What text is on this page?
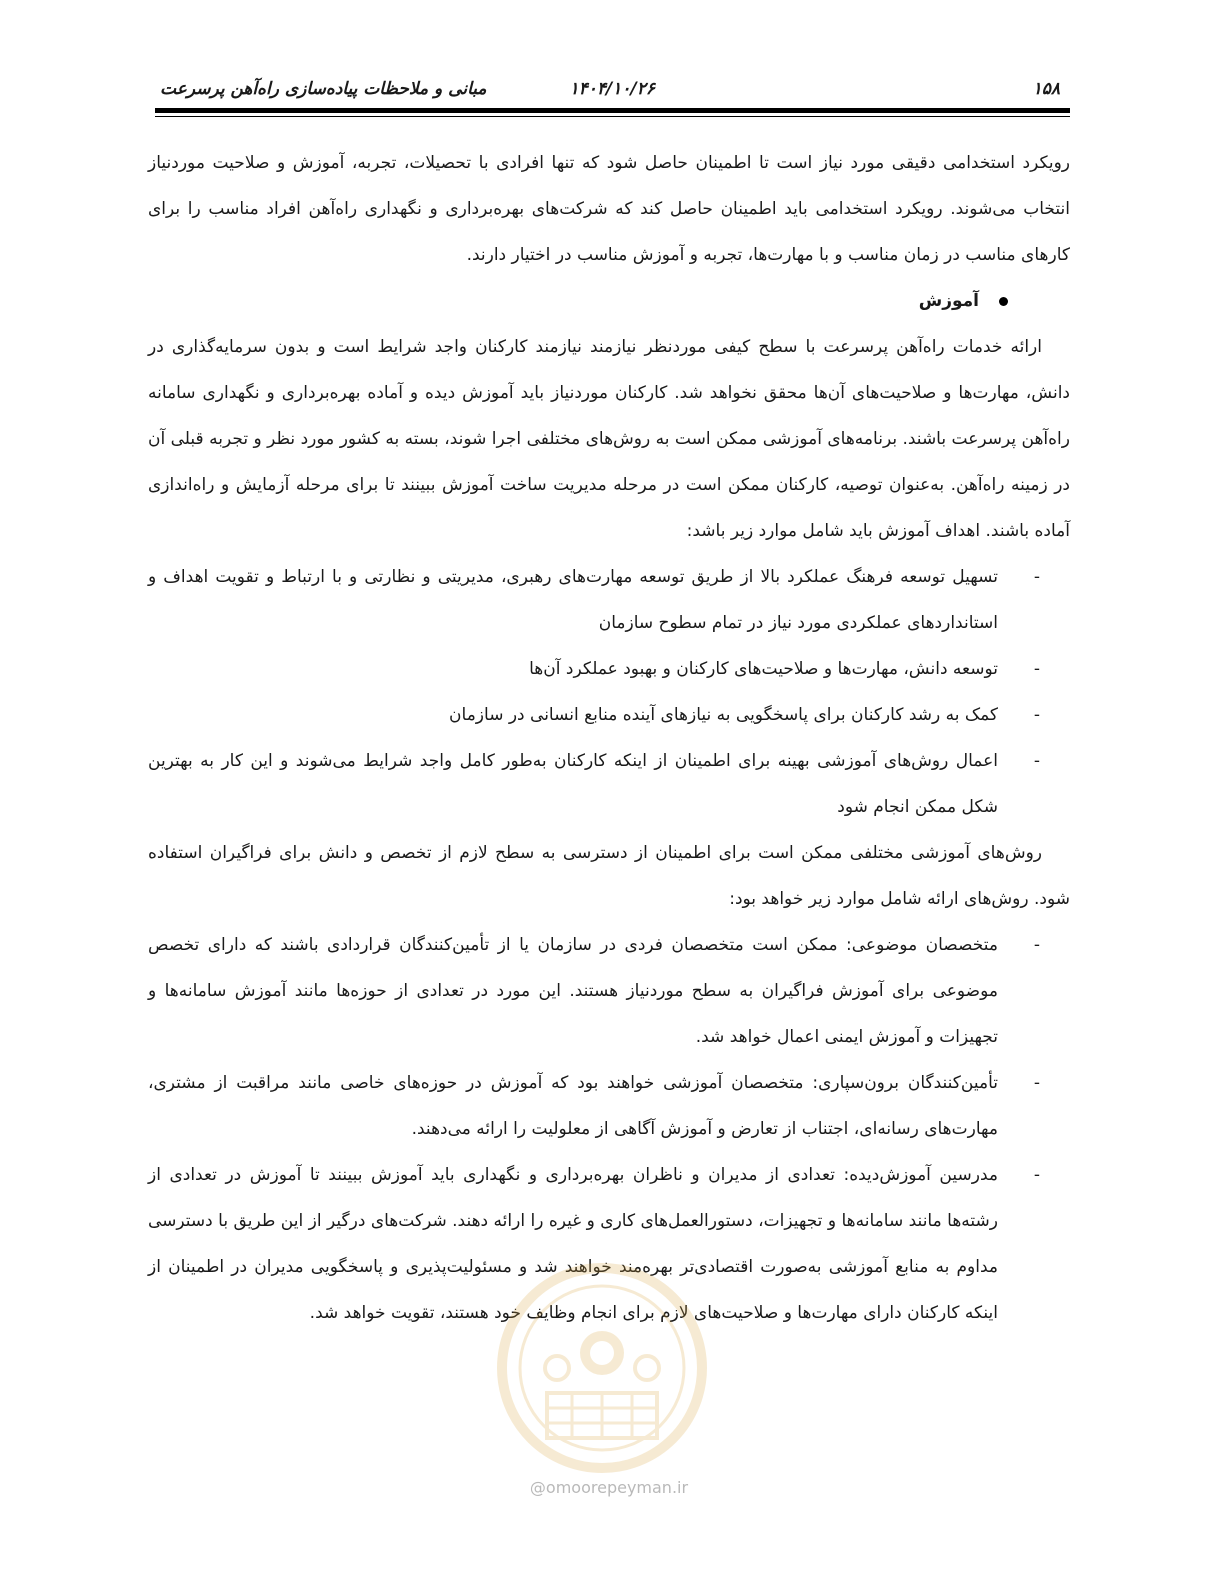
۱۵۸
۱۴۰۴/۱۰/۲۶
مبانی و ملاحظات پیاده‌سازی راه‌آهن پرسرعت

رویکرد استخدامی دقیقی مورد نیاز است تا اطمینان حاصل شود که تنها افرادی با تحصیلات، تجربه، آموزش و صلاحیت موردنیاز انتخاب می‌شوند. رویکرد استخدامی باید اطمینان حاصل کند که شرکت‌های بهره‌برداری و نگهداری راه‌آهن افراد مناسب را برای کارهای مناسب در زمان مناسب و با مهارت‌ها، تجربه و آموزش مناسب در اختیار دارند.

آموزش

ارائه خدمات راه‌آهن پرسرعت با سطح کیفی موردنظر نیازمند نیازمند کارکنان واجد شرایط است و بدون سرمایه‌گذاری در دانش، مهارت‌ها و صلاحیت‌های آن‌ها محقق نخواهد شد. کارکنان موردنیاز باید آموزش دیده و آماده بهره‌برداری و نگهداری سامانه راه‌آهن پرسرعت باشند. برنامه‌های آموزشی ممکن است به روش‌های مختلفی اجرا شوند، بسته به کشور مورد نظر و تجربه قبلی آن در زمینه راه‌آهن. به‌عنوان توصیه، کارکنان ممکن است در مرحله مدیریت ساخت آموزش ببینند تا برای مرحله آزمایش و راه‌اندازی آماده باشند. اهداف آموزش باید شامل موارد زیر باشد:

-
تسهیل توسعه فرهنگ عملکرد بالا از طریق توسعه مهارت‌های رهبری، مدیریتی و نظارتی و با ارتباط و تقویت اهداف و استانداردهای عملکردی مورد نیاز در تمام سطوح سازمان
-
توسعه دانش، مهارت‌ها و صلاحیت‌های کارکنان و بهبود عملکرد آن‌ها
-
کمک به رشد کارکنان برای پاسخگویی به نیازهای آینده منابع انسانی در سازمان
-
اعمال روش‌های آموزشی بهینه برای اطمینان از اینکه کارکنان به‌طور کامل واجد شرایط می‌شوند و این کار به بهترین شکل ممکن انجام شود

روش‌های آموزشی مختلفی ممکن است برای اطمینان از دسترسی به سطح لازم از تخصص و دانش برای فراگیران استفاده شود. روش‌های ارائه شامل موارد زیر خواهد بود:

-
متخصصان موضوعی: ممکن است متخصصان فردی در سازمان یا از تأمین‌کنندگان قراردادی باشند که دارای تخصص موضوعی برای آموزش فراگیران به سطح موردنیاز هستند. این مورد در تعدادی از حوزه‌ها مانند آموزش سامانه‌ها و تجهیزات و آموزش ایمنی اعمال خواهد شد.
-
تأمین‌کنندگان برون‌سپاری: متخصصان آموزشی خواهند بود که آموزش در حوزه‌های خاصی مانند مراقبت از مشتری، مهارت‌های رسانه‌ای، اجتناب از تعارض و آموزش آگاهی از معلولیت را ارائه می‌دهند.
-
مدرسین آموزش‌دیده: تعدادی از مدیران و ناظران بهره‌برداری و نگهداری باید آموزش ببینند تا آموزش در تعدادی از رشته‌ها مانند سامانه‌ها و تجهیزات، دستورالعمل‌های کاری و غیره را ارائه دهند. شرکت‌های درگیر از این طریق با دسترسی مداوم به منابع آموزشی به‌صورت اقتصادی‌تر بهره‌مند خواهند شد و مسئولیت‌پذیری و پاسخگویی مدیران در اطمینان از اینکه کارکنان دارای مهارت‌ها و صلاحیت‌های لازم برای انجام وظایف خود هستند، تقویت خواهد شد.
@omoorepeyman.ir
